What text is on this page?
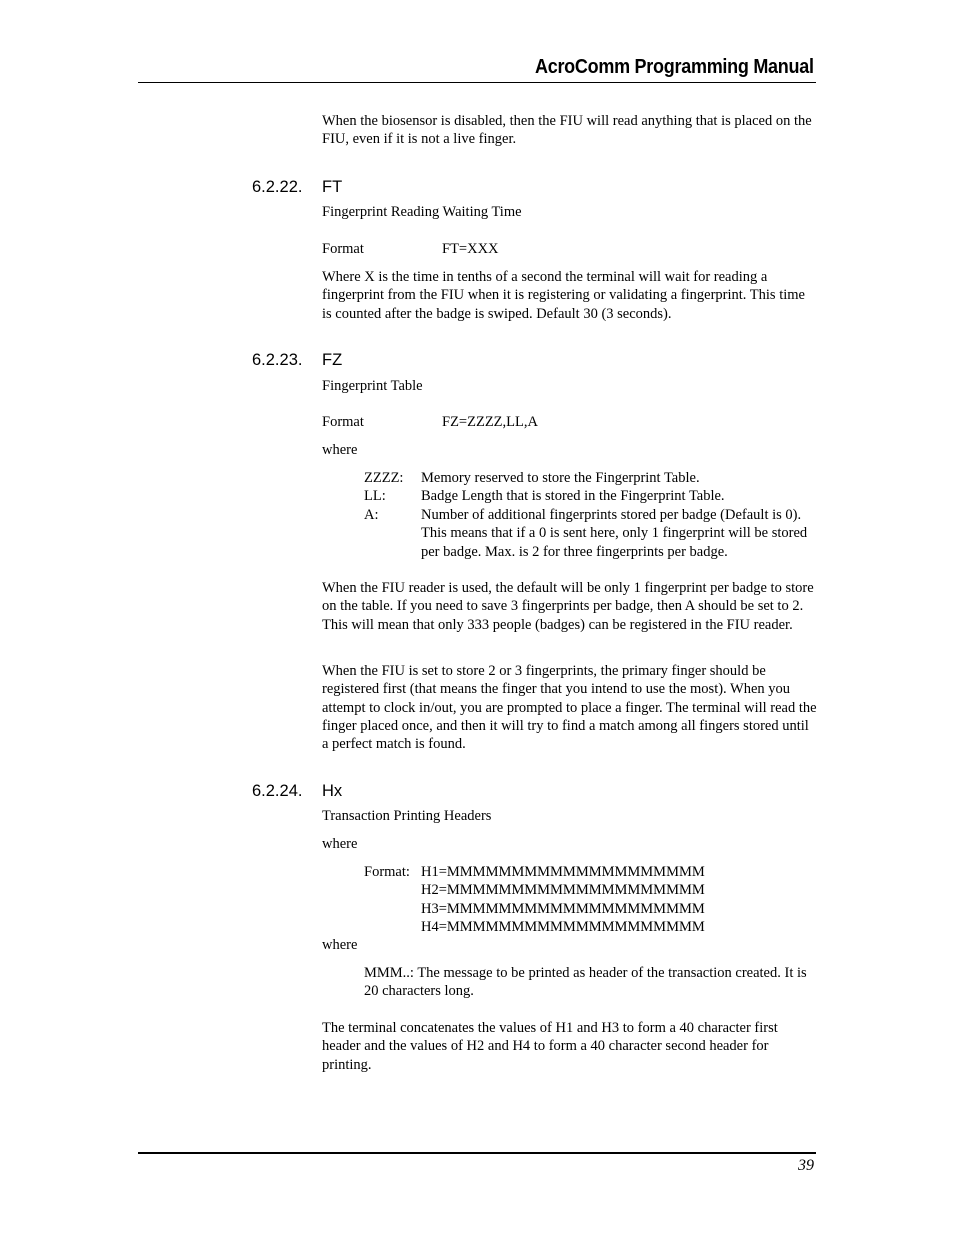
AcroComm Programming Manual
When the biosensor is disabled, then the FIU will read anything that is placed on the FIU, even if it is not a live finger.
6.2.22. FT
Fingerprint Reading Waiting Time
Format	FT=XXX
Where X is the time in tenths of a second the terminal will wait for reading a fingerprint from the FIU when it is registering or validating a fingerprint. This time is counted after the badge is swiped. Default 30 (3 seconds).
6.2.23. FZ
Fingerprint Table
Format	FZ=ZZZZ,LL,A
where
ZZZZ: Memory reserved to store the Fingerprint Table.
LL: Badge Length that is stored in the Fingerprint Table.
A:	Number of additional fingerprints stored per badge (Default is 0). This means that if a 0 is sent here, only 1 fingerprint will be stored per badge. Max. is 2 for three fingerprints per badge.
When the FIU reader is used, the default will be only 1 fingerprint per badge to store on the table. If you need to save 3 fingerprints per badge, then A should be set to 2. This will mean that only 333 people (badges) can be registered in the FIU reader.
When the FIU is set to store 2 or 3 fingerprints, the primary finger should be registered first (that means the finger that you intend to use the most). When you attempt to clock in/out, you are prompted to place a finger. The terminal will read the finger placed once, and then it will try to find a match among all fingers stored until a perfect match is found.
6.2.24. Hx
Transaction Printing Headers
where
Format: H1=MMMMMMMMMMMMMMMMMMMM
H2=MMMMMMMMMMMMMMMMMMMM
H3=MMMMMMMMMMMMMMMMMMMM
H4=MMMMMMMMMMMMMMMMMMMM
where
MMM..: The message to be printed as header of the transaction created. It is 20 characters long.
The terminal concatenates the values of H1 and H3 to form a 40 character first header and the values of H2 and H4 to form a 40 character second header for printing.
39
